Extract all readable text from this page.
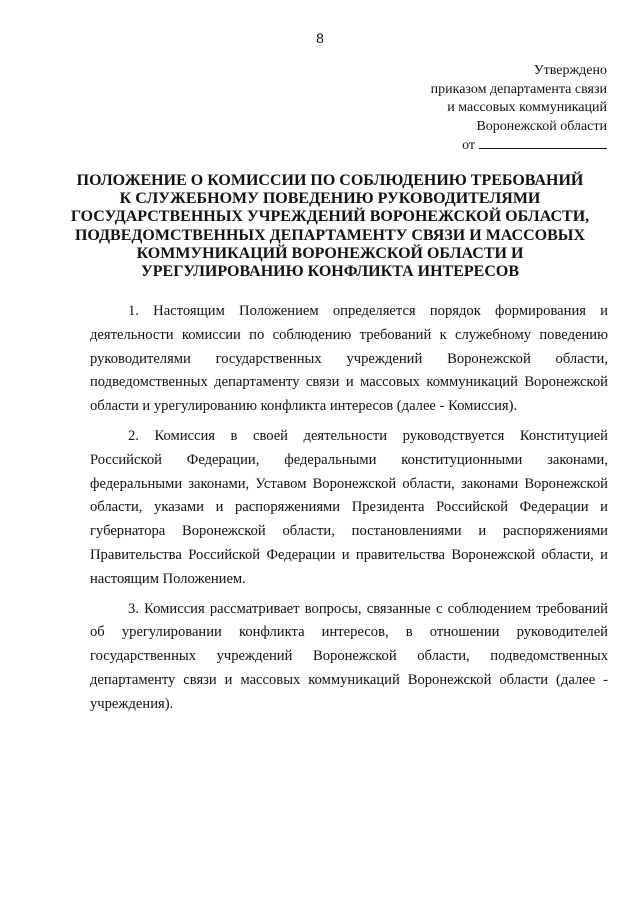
8
Утверждено
приказом департамента связи
и массовых коммуникаций
Воронежской области
от
ПОЛОЖЕНИЕ О КОМИССИИ ПО СОБЛЮДЕНИЮ ТРЕБОВАНИЙ
К СЛУЖЕБНОМУ ПОВЕДЕНИЮ РУКОВОДИТЕЛЯМИ
ГОСУДАРСТВЕННЫХ УЧРЕЖДЕНИЙ ВОРОНЕЖСКОЙ ОБЛАСТИ,
ПОДВЕДОМСТВЕННЫХ ДЕПАРТАМЕНТУ СВЯЗИ И МАССОВЫХ
КОММУНИКАЦИЙ ВОРОНЕЖСКОЙ ОБЛАСТИ И
УРЕГУЛИРОВАНИЮ КОНФЛИКТА ИНТЕРЕСОВ

1. Настоящим Положением определяется порядок формирования и деятельности комиссии по соблюдению требований к служебному поведению руководителями государственных учреждений Воронежской области, подведомственных департаменту связи и массовых коммуникаций Воронежской области и урегулированию конфликта интересов (далее - Комиссия).

2. Комиссия в своей деятельности руководствуется Конституцией Российской Федерации, федеральными конституционными законами, федеральными законами, Уставом Воронежской области, законами Воронежской области, указами и распоряжениями Президента Российской Федерации и губернатора Воронежской области, постановлениями и распоряжениями Правительства Российской Федерации и правительства Воронежской области, и настоящим Положением.

3. Комиссия рассматривает вопросы, связанные с соблюдением требований об урегулировании конфликта интересов, в отношении руководителей государственных учреждений Воронежской области, подведомственных департаменту связи и массовых коммуникаций Воронежской области (далее - учреждения).
